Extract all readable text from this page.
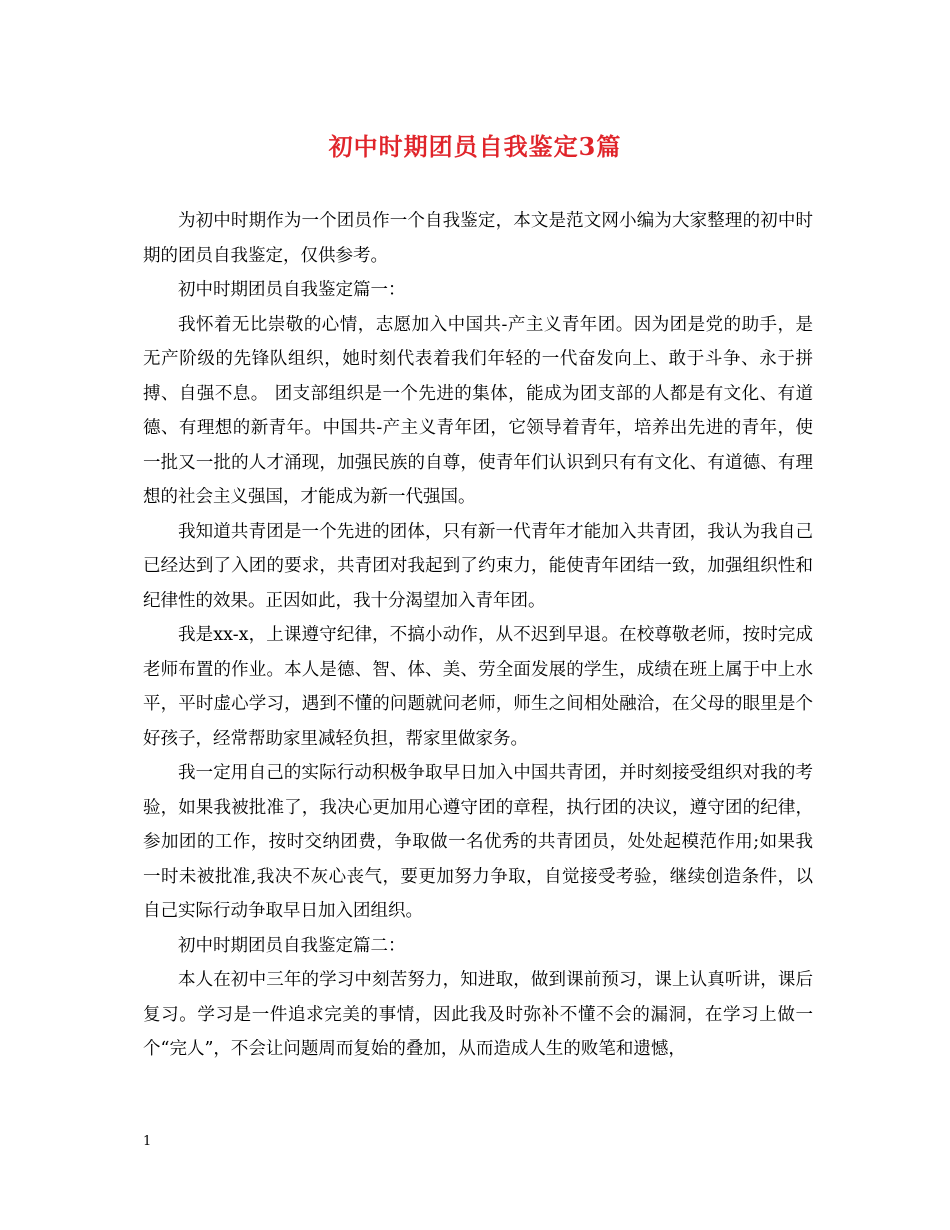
初中时期团员自我鉴定3篇

为初中时期作为一个团员作一个自我鉴定，本文是范文网小编为大家整理的初中时期的团员自我鉴定，仅供参考。

初中时期团员自我鉴定篇一：

我怀着无比崇敬的心情，志愿加入中国共-产主义青年团。因为团是党的助手，是无产阶级的先锋队组织，她时刻代表着我们年轻的一代奋发向上、敢于斗争、永于拼搏、自强不息。 团支部组织是一个先进的集体，能成为团支部的人都是有文化、有道德、有理想的新青年。中国共-产主义青年团，它领导着青年，培养出先进的青年，使一批又一批的人才涌现，加强民族的自尊，使青年们认识到只有有文化、有道德、有理想的社会主义强国，才能成为新一代强国。

我知道共青团是一个先进的团体，只有新一代青年才能加入共青团，我认为我自己已经达到了入团的要求，共青团对我起到了约束力，能使青年团结一致，加强组织性和纪律性的效果。正因如此，我十分渴望加入青年团。

我是xx-x，上课遵守纪律，不搞小动作，从不迟到早退。在校尊敬老师，按时完成老师布置的作业。本人是德、智、体、美、劳全面发展的学生，成绩在班上属于中上水平，平时虚心学习，遇到不懂的问题就问老师，师生之间相处融洽，在父母的眼里是个好孩子，经常帮助家里减轻负担，帮家里做家务。

我一定用自己的实际行动积极争取早日加入中国共青团，并时刻接受组织对我的考验，如果我被批准了，我决心更加用心遵守团的章程，执行团的决议，遵守团的纪律，参加团的工作，按时交纳团费，争取做一名优秀的共青团员，处处起模范作用;如果我一时未被批准,我决不灰心丧气，要更加努力争取，自觉接受考验，继续创造条件，以自己实际行动争取早日加入团组织。

初中时期团员自我鉴定篇二：

本人在初中三年的学习中刻苦努力，知进取，做到课前预习，课上认真听讲，课后复习。学习是一件追求完美的事情，因此我及时弥补不懂不会的漏洞，在学习上做一个“完人”，不会让问题周而复始的叠加，从而造成人生的败笔和遗憾，

1
